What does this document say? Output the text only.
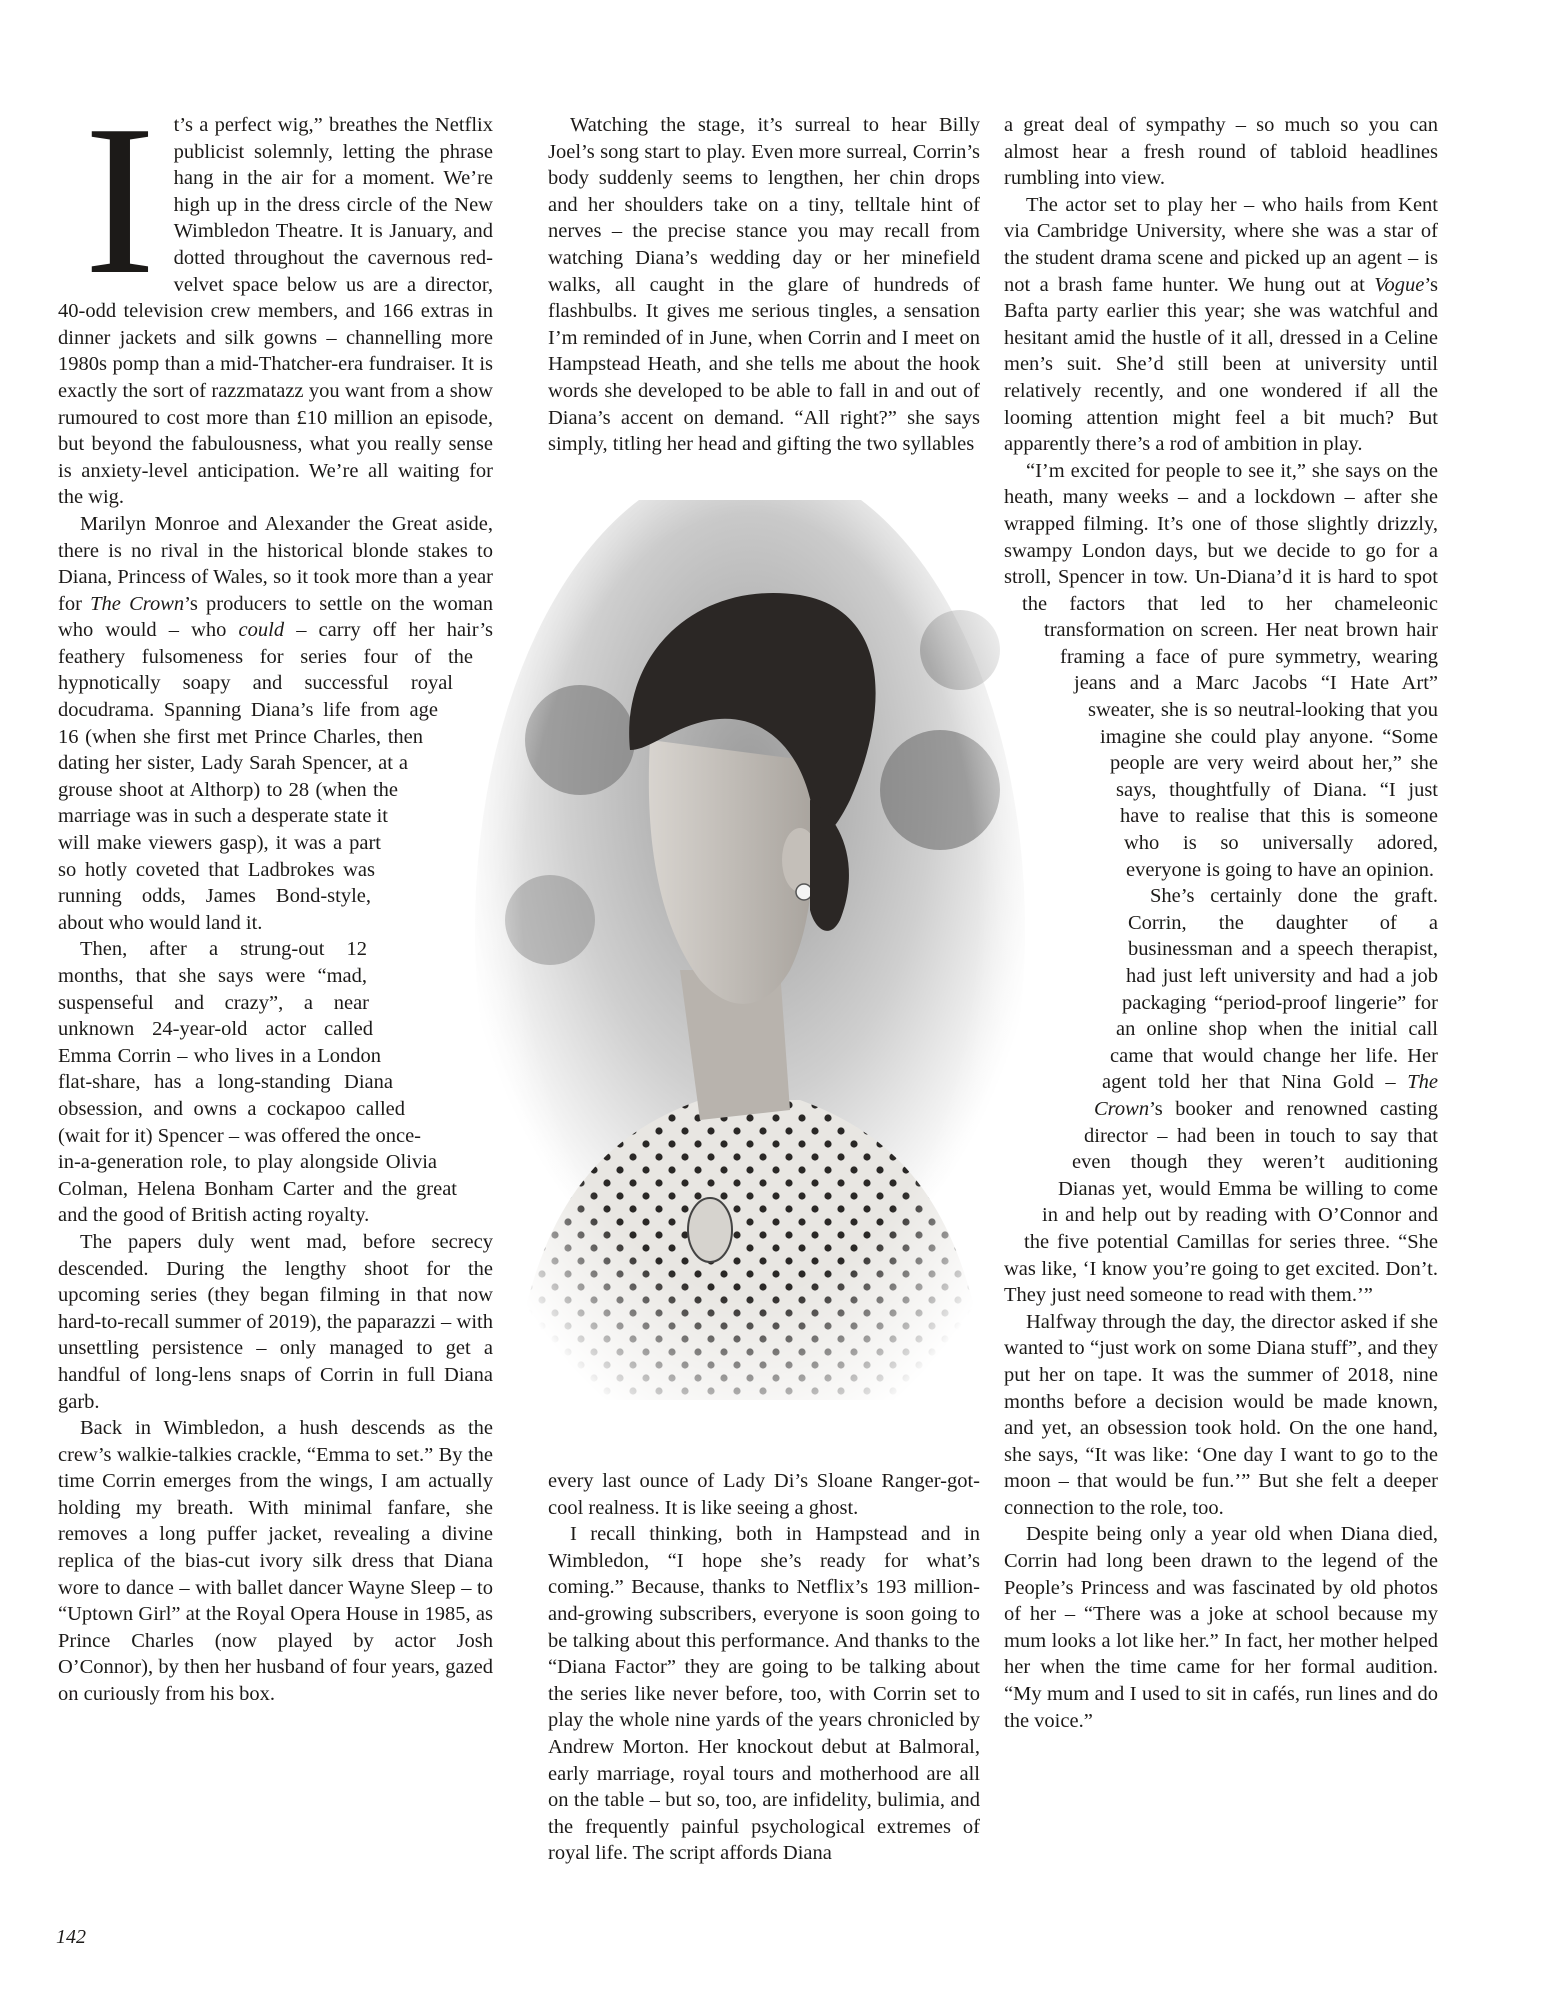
I t’s a perfect wig,” breathes the Netflix publicist solemnly, letting the phrase hang in the air for a moment. We’re high up in the dress circle of the New Wimbledon Theatre. It is January, and dotted throughout the cavernous red-velvet space below us are a director, 40-odd television crew members, and 166 extras in dinner jackets and silk gowns – channelling more 1980s pomp than a mid-Thatcher-era fundraiser. It is exactly the sort of razzmatazz you want from a show rumoured to cost more than £10 million an episode, but beyond the fabulousness, what you really sense is anxiety-level anticipation. We’re all waiting for the wig.

Marilyn Monroe and Alexander the Great aside, there is no rival in the historical blonde stakes to Diana, Princess of Wales, so it took more than a year for The Crown’s producers to settle on the woman who would – who could – carry off her hair’s feathery fulsomeness for series four of the hypnotically soapy and successful royal docudrama. Spanning Diana’s life from age 16 (when she first met Prince Charles, then dating her sister, Lady Sarah Spencer, at a grouse shoot at Althorp) to 28 (when the marriage was in such a desperate state it will make viewers gasp), it was a part so hotly coveted that Ladbrokes was running odds, James Bond-style, about who would land it.

Then, after a strung-out 12 months, that she says were “mad, suspenseful and crazy”, a near unknown 24-year-old actor called Emma Corrin – who lives in a London flat-share, has a long-standing Diana obsession, and owns a cockapoo called (wait for it) Spencer – was offered the once-in-a-generation role, to play alongside Olivia Colman, Helena Bonham Carter and the great and the good of British acting royalty.

The papers duly went mad, before secrecy descended. During the lengthy shoot for the upcoming series (they began filming in that now hard-to-recall summer of 2019), the paparazzi – with unsettling persistence – only managed to get a handful of long-lens snaps of Corrin in full Diana garb.

Back in Wimbledon, a hush descends as the crew’s walkie-talkies crackle, “Emma to set.” By the time Corrin emerges from the wings, I am actually holding my breath. With minimal fanfare, she removes a long puffer jacket, revealing a divine replica of the bias-cut ivory silk dress that Diana wore to dance – with ballet dancer Wayne Sleep – to “Uptown Girl” at the Royal Opera House in 1985, as Prince Charles (now played by actor Josh O’Connor), by then her husband of four years, gazed on curiously from his box.

Watching the stage, it’s surreal to hear Billy Joel’s song start to play. Even more surreal, Corrin’s body suddenly seems to lengthen, her chin drops and her shoulders take on a tiny, telltale hint of nerves – the precise stance you may recall from watching Diana’s wedding day or her minefield walks, all caught in the glare of hundreds of flashbulbs. It gives me serious tingles, a sensation I’m reminded of in June, when Corrin and I meet on Hampstead Heath, and she tells me about the hook words she developed to be able to fall in and out of Diana’s accent on demand. “All right?” she says simply, titling her head and gifting the two syllables

every last ounce of Lady Di’s Sloane Ranger-got-cool realness. It is like seeing a ghost.

I recall thinking, both in Hampstead and in Wimbledon, “I hope she’s ready for what’s coming.” Because, thanks to Netflix’s 193 million-and-growing subscribers, everyone is soon going to be talking about this performance. And thanks to the “Diana Factor” they are going to be talking about the series like never before, too, with Corrin set to play the whole nine yards of the years chronicled by Andrew Morton. Her knockout debut at Balmoral, early marriage, royal tours and motherhood are all on the table – but so, too, are infidelity, bulimia, and the frequently painful psychological extremes of royal life. The script affords Diana

a great deal of sympathy – so much so you can almost hear a fresh round of tabloid headlines rumbling into view.

The actor set to play her – who hails from Kent via Cambridge University, where she was a star of the student drama scene and picked up an agent – is not a brash fame hunter. We hung out at Vogue’s Bafta party earlier this year; she was watchful and hesitant amid the hustle of it all, dressed in a Celine men’s suit. She’d still been at university until relatively recently, and one wondered if all the looming attention might feel a bit much? But apparently there’s a rod of ambition in play.

“I’m excited for people to see it,” she says on the heath, many weeks – and a lockdown – after she wrapped filming. It’s one of those slightly drizzly, swampy London days, but we decide to go for a stroll, Spencer in tow. Un-Diana’d it is hard to spot the factors that led to her chameleonic transformation on screen. Her neat brown hair framing a face of pure symmetry, wearing jeans and a Marc Jacobs “I Hate Art” sweater, she is so neutral-looking that you imagine she could play anyone. “Some people are very weird about her,” she says, thoughtfully of Diana. “I just have to realise that this is someone who is so universally adored, everyone is going to have an opinion.

She’s certainly done the graft. Corrin, the daughter of a businessman and a speech therapist, had just left university and had a job packaging “period-proof lingerie” for an online shop when the initial call came that would change her life. Her agent told her that Nina Gold – The Crown’s booker and renowned casting director – had been in touch to say that even though they weren’t auditioning Dianas yet, would Emma be willing to come in and help out by reading with O’Connor and the five potential Camillas for series three. “She was like, ‘I know you’re going to get excited. Don’t. They just need someone to read with them.’”

Halfway through the day, the director asked if she wanted to “just work on some Diana stuff”, and they put her on tape. It was the summer of 2018, nine months before a decision would be made known, and yet, an obsession took hold. On the one hand, she says, “It was like: ‘One day I want to go to the moon – that would be fun.’” But she felt a deeper connection to the role, too.

Despite being only a year old when Diana died, Corrin had long been drawn to the legend of the People’s Princess and was fascinated by old photos of her – “There was a joke at school because my mum looks a lot like her.” In fact, her mother helped her when the time came for her formal audition. “My mum and I used to sit in cafés, run lines and do the voice.”

142
